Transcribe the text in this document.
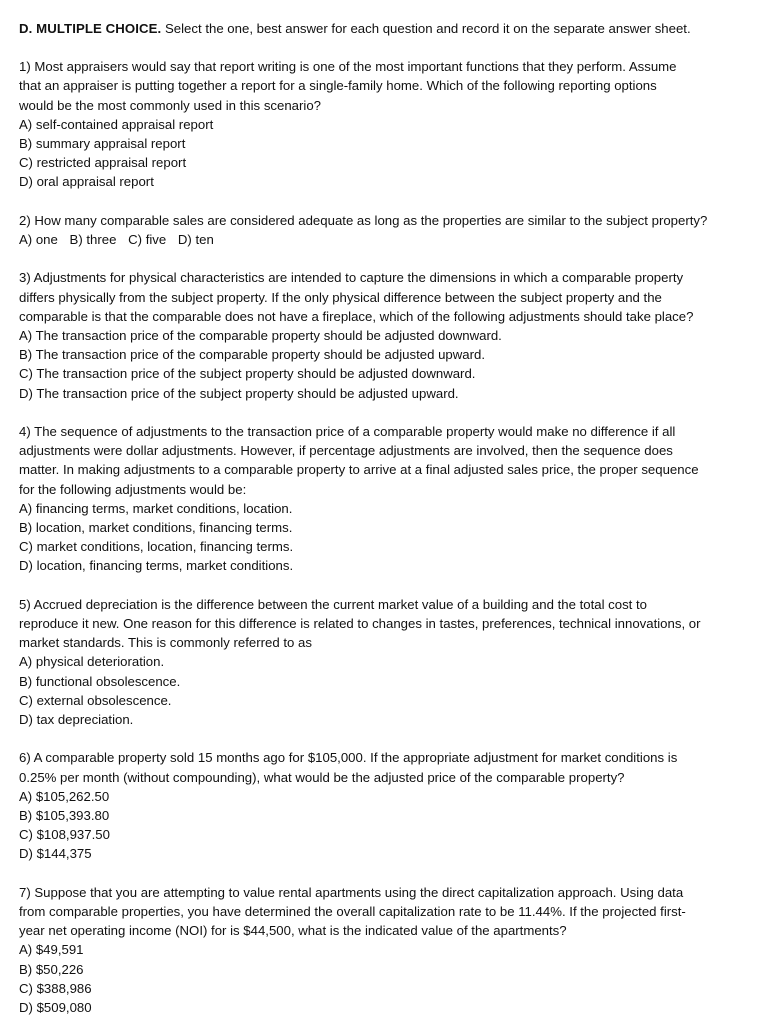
D. MULTIPLE CHOICE. Select the one, best answer for each question and record it on the separate answer sheet.
1) Most appraisers would say that report writing is one of the most important functions that they perform. Assume
that an appraiser is putting together a report for a single-family home. Which of the following reporting options
would be the most commonly used in this scenario?
A) self-contained appraisal report
B) summary appraisal report
C) restricted appraisal report
D) oral appraisal report
2) How many comparable sales are considered adequate as long as the properties are similar to the subject property?
A) one B) three C) five D) ten
3) Adjustments for physical characteristics are intended to capture the dimensions in which a comparable property
differs physically from the subject property. If the only physical difference between the subject property and the
comparable is that the comparable does not have a fireplace, which of the following adjustments should take place?
A) The transaction price of the comparable property should be adjusted downward.
B) The transaction price of the comparable property should be adjusted upward.
C) The transaction price of the subject property should be adjusted downward.
D) The transaction price of the subject property should be adjusted upward.
4) The sequence of adjustments to the transaction price of a comparable property would make no difference if all
adjustments were dollar adjustments. However, if percentage adjustments are involved, then the sequence does
matter. In making adjustments to a comparable property to arrive at a final adjusted sales price, the proper sequence
for the following adjustments would be:
A) financing terms, market conditions, location.
B) location, market conditions, financing terms.
C) market conditions, location, financing terms.
D) location, financing terms, market conditions.
5) Accrued depreciation is the difference between the current market value of a building and the total cost to
reproduce it new. One reason for this difference is related to changes in tastes, preferences, technical innovations, or
market standards. This is commonly referred to as
A) physical deterioration.
B) functional obsolescence.
C) external obsolescence.
D) tax depreciation.
6) A comparable property sold 15 months ago for $105,000. If the appropriate adjustment for market conditions is
0.25% per month (without compounding), what would be the adjusted price of the comparable property?
A) $105,262.50
B) $105,393.80
C) $108,937.50
D) $144,375
7) Suppose that you are attempting to value rental apartments using the direct capitalization approach. Using data
from comparable properties, you have determined the overall capitalization rate to be 11.44%. If the projected first-
year net operating income (NOI) for is $44,500, what is the indicated value of the apartments?
A) $49,591
B) $50,226
C) $388,986
D) $509,080
